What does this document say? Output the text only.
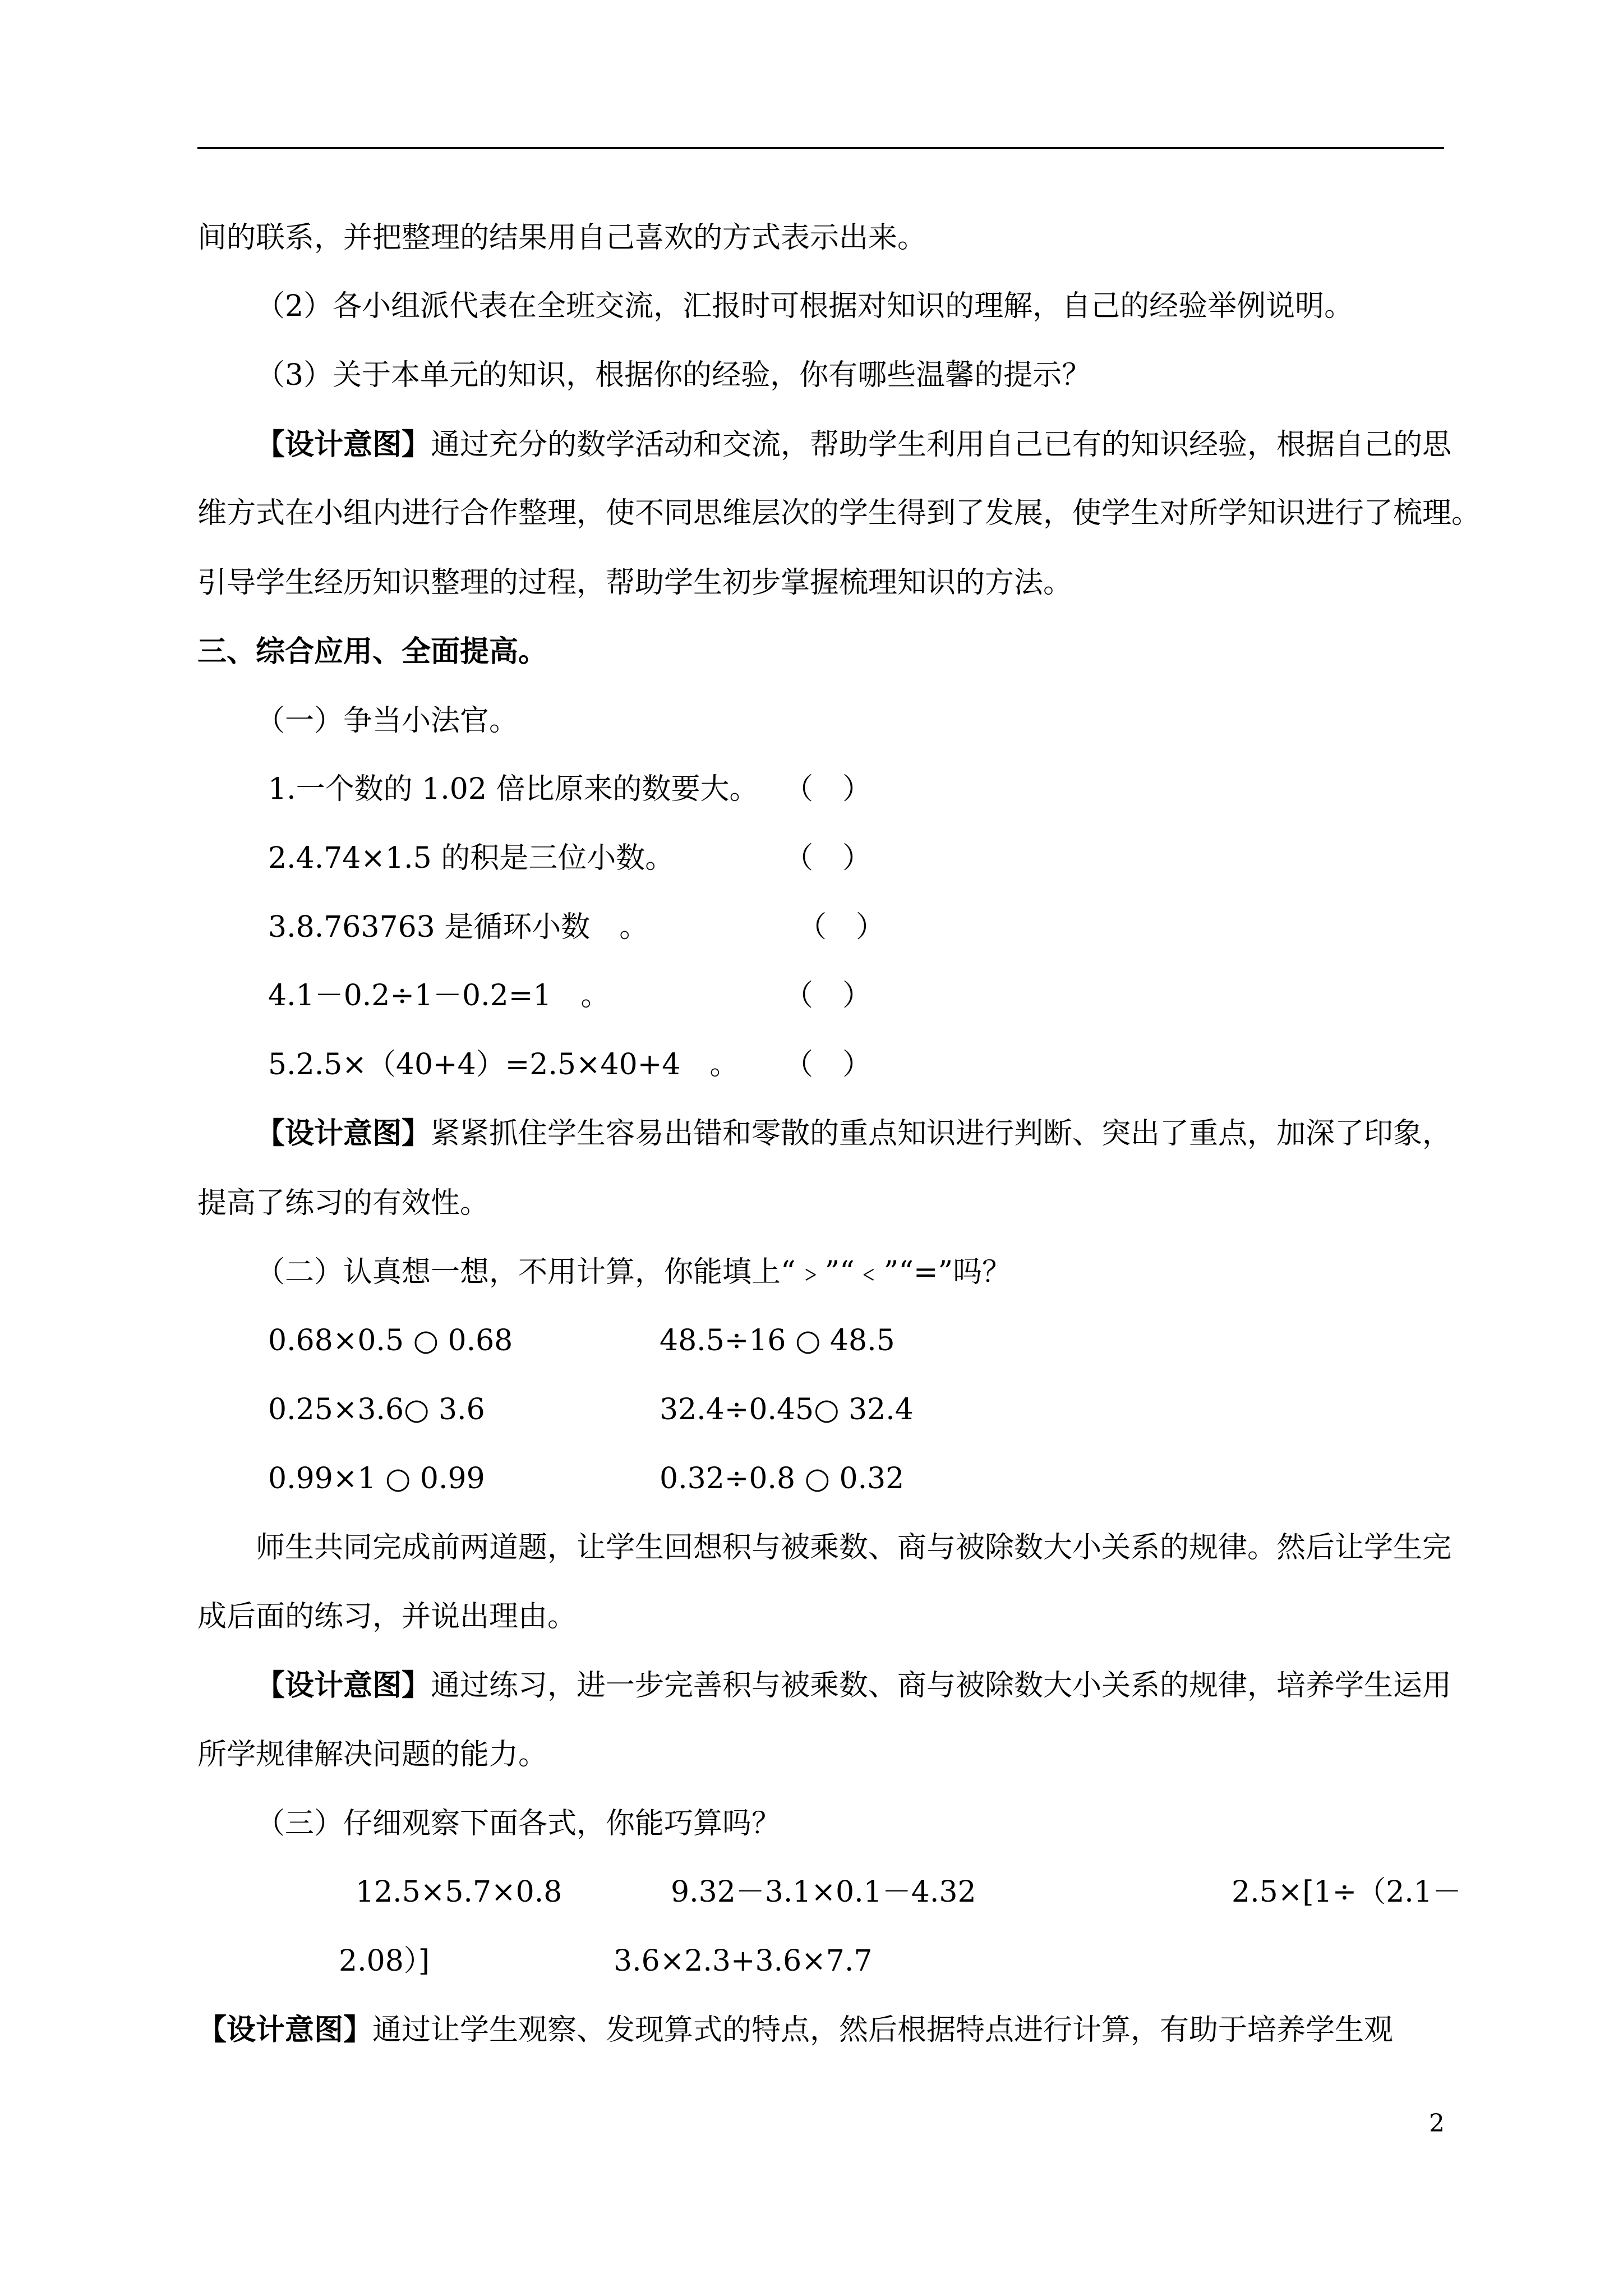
间的联系，并把整理的结果用自己喜欢的方式表示出来。
（2）各小组派代表在全班交流，汇报时可根据对知识的理解，自己的经验举例说明。
（3）关于本单元的知识，根据你的经验，你有哪些温馨的提示？
【设计意图】通过充分的数学活动和交流，帮助学生利用自己已有的知识经验，根据自己的思
维方式在小组内进行合作整理，使不同思维层次的学生得到了发展，使学生对所学知识进行了梳理。
引导学生经历知识整理的过程，帮助学生初步掌握梳理知识的方法。
三、综合应用、全面提高。
（一）争当小法官。
1.一个数的 1.02 倍比原来的数要大。 （　）
2.4.74×1.5 的积是三位小数。	（　）
3.8.763763 是循环小数　。	（　）
4.1－0.2÷1－0.2=1　。	（　）
5.2.5×（40+4）=2.5×40+4　。 （　）
【设计意图】紧紧抓住学生容易出错和零散的重点知识进行判断、突出了重点，加深了印象，
提高了练习的有效性。
（二）认真想一想，不用计算，你能填上“﹥”“﹤”“=”吗？
0.68×0.5 ○ 0.68	48.5÷16 ○ 48.5
0.25×3.6○ 3.6	32.4÷0.45○ 32.4
0.99×1 ○ 0.99	0.32÷0.8 ○ 0.32
师生共同完成前两道题，让学生回想积与被乘数、商与被除数大小关系的规律。然后让学生完
成后面的练习，并说出理由。
【设计意图】通过练习，进一步完善积与被乘数、商与被除数大小关系的规律，培养学生运用
所学规律解决问题的能力。
（三）仔细观察下面各式，你能巧算吗？
12.5×5.7×0.8	9.32－3.1×0.1－4.32	2.5×[1÷（2.1－
2.08）]	3.6×2.3+3.6×7.7
【设计意图】通过让学生观察、发现算式的特点，然后根据特点进行计算，有助于培养学生观
2
